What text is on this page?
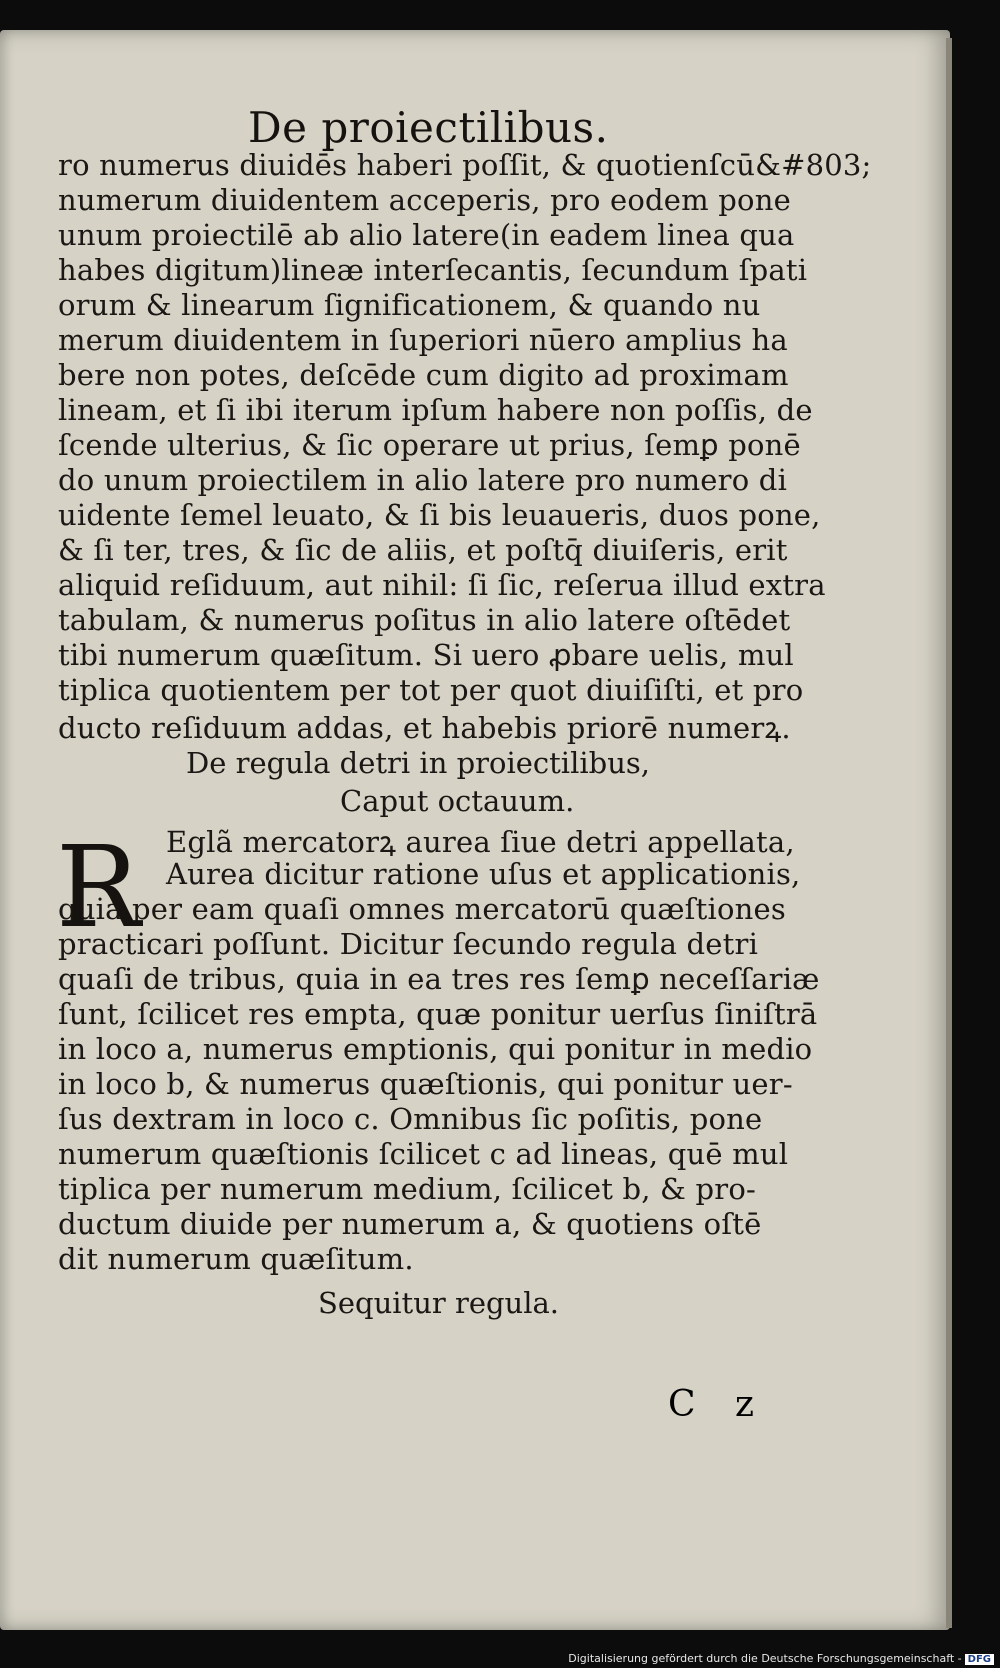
De proiectilibus.
ro numerus diuidēs haberi poſſit, & quotienſcū&#803;
numerum diuidentem acceperis, pro eodem pone
unum proiectilē ab alio latere(in eadem linea qua
habes digitum)lineæ interſecantis, ſecundum ſpati
orum & linearum ſignificationem, & quando nu
merum diuidentem in ſuperiori nūero amplius ha
bere non potes, deſcēde cum digito ad proximam
lineam, et ſi ibi iterum ipſum habere non poſſis, de
ſcende ulterius, & ſic operare ut prius, ſemꝑ ponē
do unum proiectilem in alio latere pro numero di
uidente ſemel leuato, & ſi bis leuaueris, duos pone,
& ſi ter, tres, & ſic de aliis, et poſtq̄ diuiſeris, erit
aliquid reſiduum, aut nihil: ſi ſic, reſerua illud extra
tabulam, & numerus poſitus in alio latere oſtēdet
tibi numerum quæſitum. Si uero ꝓbare uelis, mul
tiplica quotientem per tot per quot diuiſiſti, et pro
ducto reſiduum addas, et habebis priorē numerꝝ.
De regula detri in proiectilibus,
Caput octauum.
Eglã mercatorꝝ aurea ſiue detri appellata,
Aurea dicitur ratione uſus et applicationis,
quia per eam quaſi omnes mercatorū quæſtiones
practicari poſſunt. Dicitur ſecundo regula detri
quaſi de tribus, quia in ea tres res ſemꝑ neceſſariæ
ſunt, ſcilicet res empta, quæ ponitur uerſus ſiniſtrā
in loco a, numerus emptionis, qui ponitur in medio
in loco b, & numerus quæſtionis, qui ponitur uer-
ſus dextram in loco c. Omnibus ſic poſitis, pone
numerum quæſtionis ſcilicet c ad lineas, quē mul
tiplica per numerum medium, ſcilicet b, & pro-
ductum diuide per numerum a, & quotiens oſtē
dit numerum quæſitum.
Sequitur regula.
R
C z
Digitalisierung gefördert durch die Deutsche Forschungsgemeinschaft - DFG
